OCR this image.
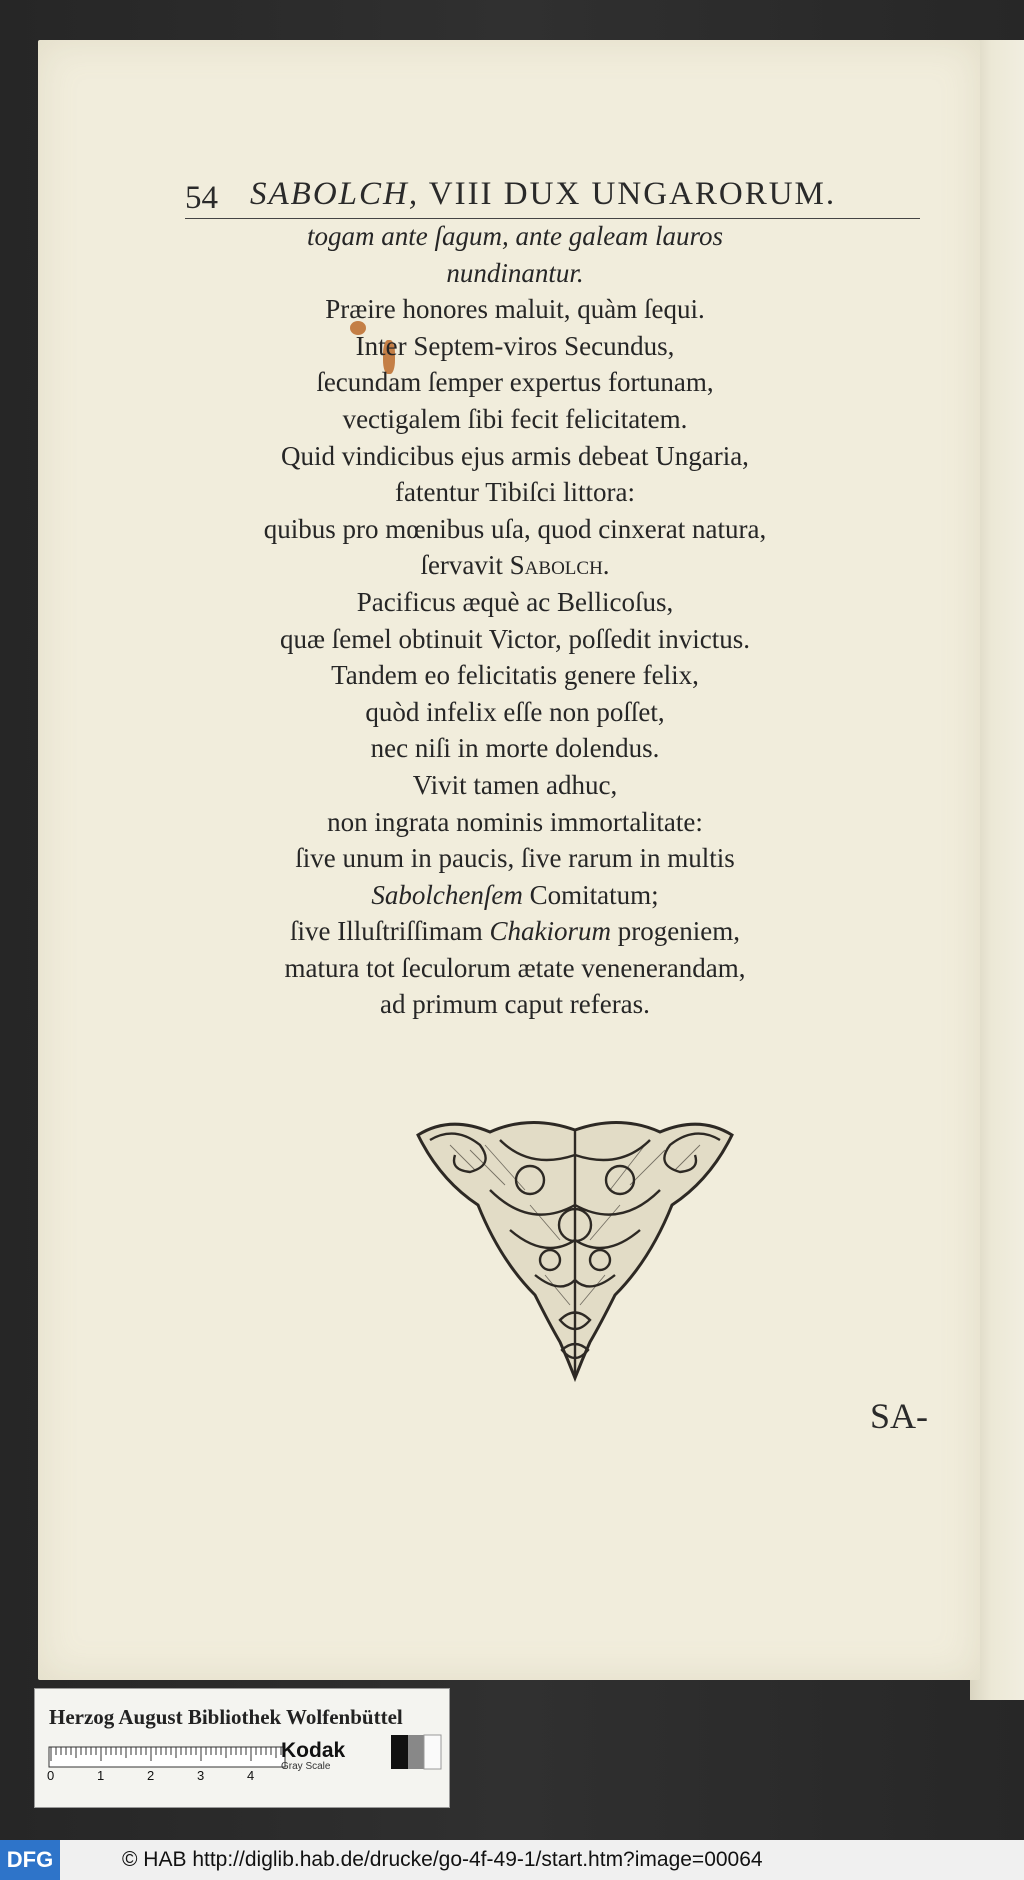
54 SABOLCH, VIII DUX UNGARORUM.
togam ante ſagum, ante galeam lauros
nundinantur.
Præire honores maluit, quàm ſequi.
Inter Septem-viros Secundus,
ſecundam ſemper expertus fortunam,
vectigalem ſibi fecit felicitatem.
Quid vindicibus ejus armis debeat Ungaria,
fatentur Tibiſci littora:
quibus pro mœnibus uſa, quod cinxerat natura,
ſervavit Sabolch.
Pacificus æquè ac Bellicoſus,
quæ ſemel obtinuit Victor, poſſedit invictus.
Tandem eo felicitatis genere felix,
quòd infelix eſſe non poſſet,
nec niſi in morte dolendus.
Vivit tamen adhuc,
non ingrata nominis immortalitate:
ſive unum in paucis, ſive rarum in multis
Sabolchenſem Comitatum;
ſive Illuſtriſſimam Chakiorum progeniem,
matura tot ſeculorum ætate venenerandam,
ad primum caput referas.
SA-
Herzog August Bibliothek Wolfenbüttel
0	1	2	3	4
Kodak
Gray Scale
DFG	© HAB http://diglib.hab.de/drucke/go-4f-49-1/start.htm?image=00064
